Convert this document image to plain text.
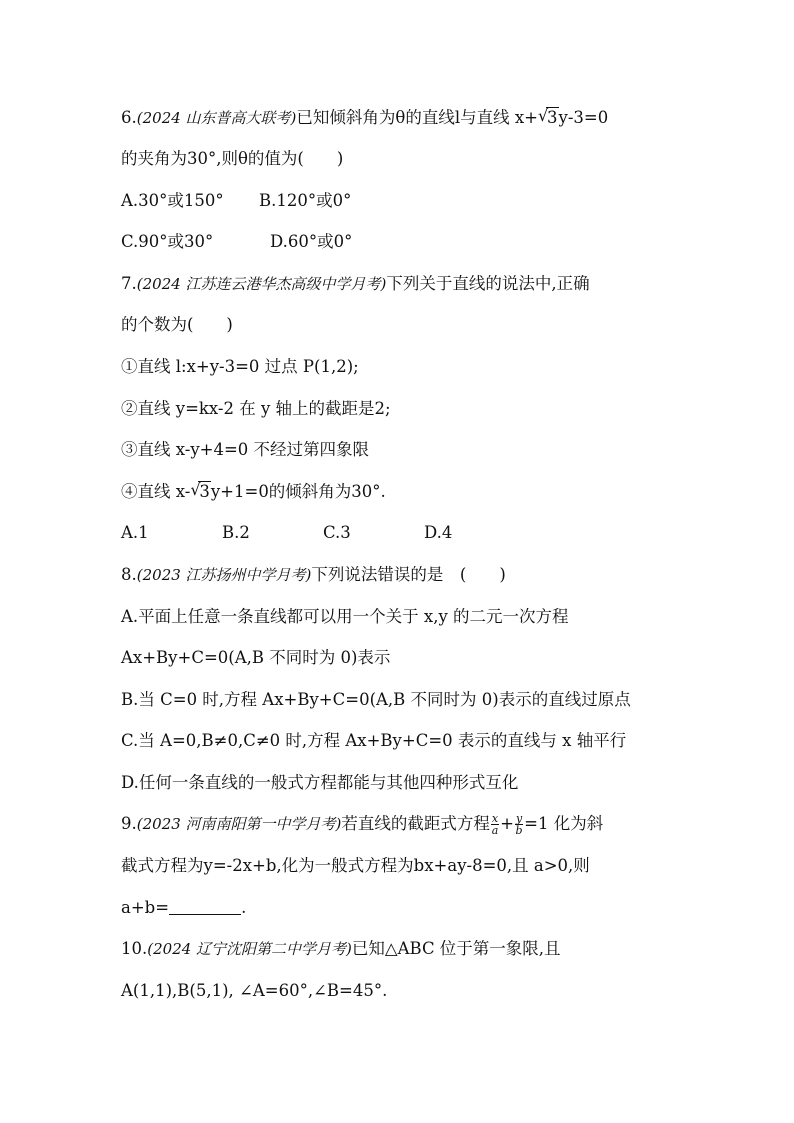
6.(2024 山东普高大联考)已知倾斜角为θ的直线l与直线 x+ √
3y-3=0
的夹角为30°,则θ的值为(　　)
A.30°或150° B.120°或0°
C.90°或30°	D.60°或0°
7.(2024 江苏连云港华杰高级中学月考)下列关于直线的说法中,正确
的个数为(　　)
①直线 l:x+y-3=0 过点 P(1,2);
②直线 y=kx-2 在 y 轴上的截距是2;
③直线 x-y+4=0 不经过第四象限
④直线 x- √
3y+1=0的倾斜角为30°.
A.1	B.2	C.3	D.4
8.(2023 江苏扬州中学月考)下列说法错误的是　(　　)
A.平面上任意一条直线都可以用一个关于 x,y 的二元一次方程
Ax+By+C=0(A,B 不同时为 0)表示
B.当 C=0 时,方程 Ax+By+C=0(A,B 不同时为 0)表示的直线过原点
C.当 A=0,B≠0,C≠0 时,方程 Ax+By+C=0 表示的直线与 x 轴平行
D.任何一条直线的一般式方程都能与其他四种形式互化
9.(2023 河南南阳第一中学月考)若直线的截距式方程 $\frac{x}{a} + \frac{y}{b} =1$ 化为斜
截式方程为y=-2x+b,化为一般式方程为bx+ay-8=0,且 a>0,则
a+b=	.
10.(2024 辽宁沈阳第二中学月考)已知△ABC 位于第一象限,且
A(1,1),B(5,1), ∠A=60°,∠B=45°.
